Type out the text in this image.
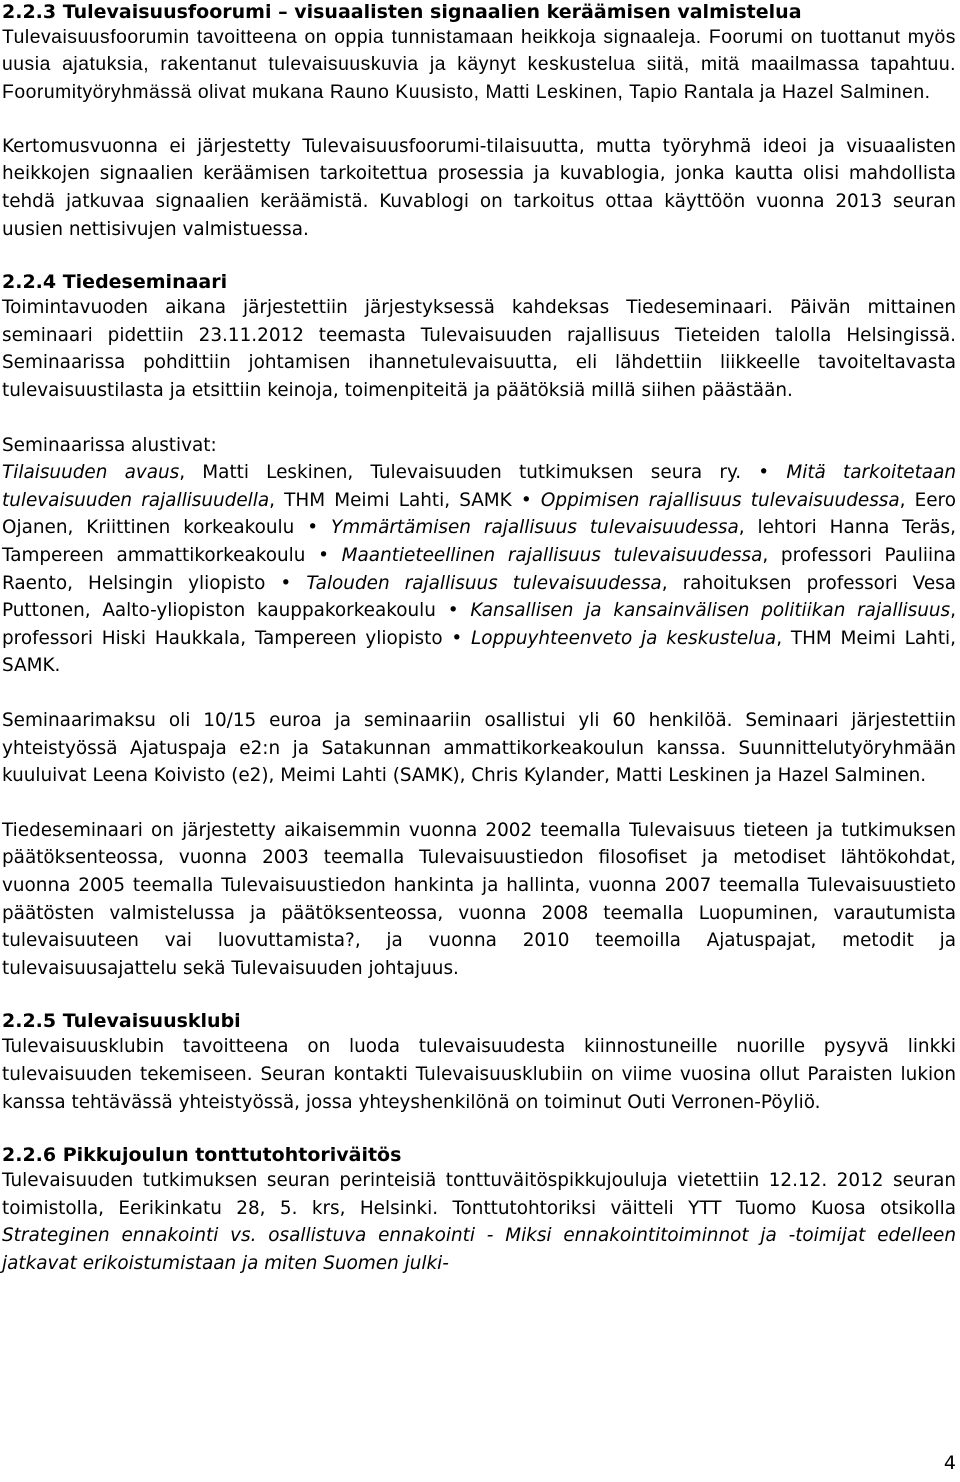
2.2.3 Tulevaisuusfoorumi – visuaalisten signaalien keräämisen valmistelua

Tulevaisuusfoorumin tavoitteena on oppia tunnistamaan heikkoja signaaleja. Foorumi on tuottanut myös uusia ajatuksia, rakentanut tulevaisuuskuvia ja käynyt keskustelua siitä, mitä maailmassa tapahtuu. Foorumityöryhmässä olivat mukana Rauno Kuusisto, Matti Leskinen, Tapio Rantala ja Hazel Salminen.

Kertomusvuonna ei järjestetty Tulevaisuusfoorumi-tilaisuutta, mutta työryhmä ideoi ja visuaalisten heikkojen signaalien keräämisen tarkoitettua prosessia ja kuvablogia, jonka kautta olisi mahdollista tehdä jatkuvaa signaalien keräämistä. Kuvablogi on tarkoitus ottaa käyttöön vuonna 2013 seuran uusien nettisivujen valmistuessa.

2.2.4 Tiedeseminaari

Toimintavuoden aikana järjestettiin järjestyksessä kahdeksas Tiedeseminaari. Päivän mittainen seminaari pidettiin 23.11.2012 teemasta Tulevaisuuden rajallisuus Tieteiden talolla Helsingissä. Seminaarissa pohdittiin johtamisen ihannetulevaisuutta, eli lähdettiin liikkeelle tavoiteltavasta tulevaisuustilasta ja etsittiin keinoja, toimenpiteitä ja päätöksiä millä siihen päästään.

Seminaarissa alustivat:

Tilaisuuden avaus, Matti Leskinen, Tulevaisuuden tutkimuksen seura ry. • Mitä tarkoitetaan tulevaisuuden rajallisuudella, THM Meimi Lahti, SAMK • Oppimisen rajallisuus tulevaisuudessa, Eero Ojanen, Kriittinen korkeakoulu • Ymmärtämisen rajallisuus tulevaisuudessa, lehtori Hanna Teräs, Tampereen ammattikorkeakoulu • Maantieteellinen rajallisuus tulevaisuudessa, professori Pauliina Raento, Helsingin yliopisto • Talouden rajallisuus tulevaisuudessa, rahoituksen professori Vesa Puttonen, Aalto-yliopiston kauppakorkeakoulu • Kansallisen ja kansainvälisen politiikan rajallisuus, professori Hiski Haukkala, Tampereen yliopisto • Loppuyhteenveto ja keskustelua, THM Meimi Lahti, SAMK.

Seminaarimaksu oli 10/15 euroa ja seminaariin osallistui yli 60 henkilöä. Seminaari järjestettiin yhteistyössä Ajatuspaja e2:n ja Satakunnan ammattikorkeakoulun kanssa. Suunnittelutyöryhmään kuuluivat Leena Koivisto (e2), Meimi Lahti (SAMK), Chris Kylander, Matti Leskinen ja Hazel Salminen.

Tiedeseminaari on järjestetty aikaisemmin vuonna 2002 teemalla Tulevaisuus tieteen ja tutkimuksen päätöksenteossa, vuonna 2003 teemalla Tulevaisuustiedon filosofiset ja metodiset lähtökohdat, vuonna 2005 teemalla Tulevaisuustiedon hankinta ja hallinta, vuonna 2007 teemalla Tulevaisuustieto päätösten valmistelussa ja päätöksenteossa, vuonna 2008 teemalla Luopuminen, varautumista tulevaisuuteen vai luovuttamista?, ja vuonna 2010 teemoilla Ajatuspajat, metodit ja tulevaisuusajattelu sekä Tulevaisuuden johtajuus.

2.2.5 Tulevaisuusklubi

Tulevaisuusklubin tavoitteena on luoda tulevaisuudesta kiinnostuneille nuorille pysyvä linkki tulevaisuuden tekemiseen. Seuran kontakti Tulevaisuusklubiin on viime vuosina ollut Paraisten lukion kanssa tehtävässä yhteistyössä, jossa yhteyshenkilönä on toiminut Outi Verronen-Pöyliö.

2.2.6 Pikkujoulun tonttutohtoriväitös

Tulevaisuuden tutkimuksen seuran perinteisiä tonttuväitöspikkujouluja vietettiin 12.12. 2012 seuran toimistolla, Eerikinkatu 28, 5. krs, Helsinki. Tonttutohtoriksi väitteli YTT Tuomo Kuosa otsikolla Strateginen ennakointi vs. osallistuva ennakointi - Miksi ennakointitoiminnot ja -toimijat edelleen jatkavat erikoistumistaan ja miten Suomen julki-

4
